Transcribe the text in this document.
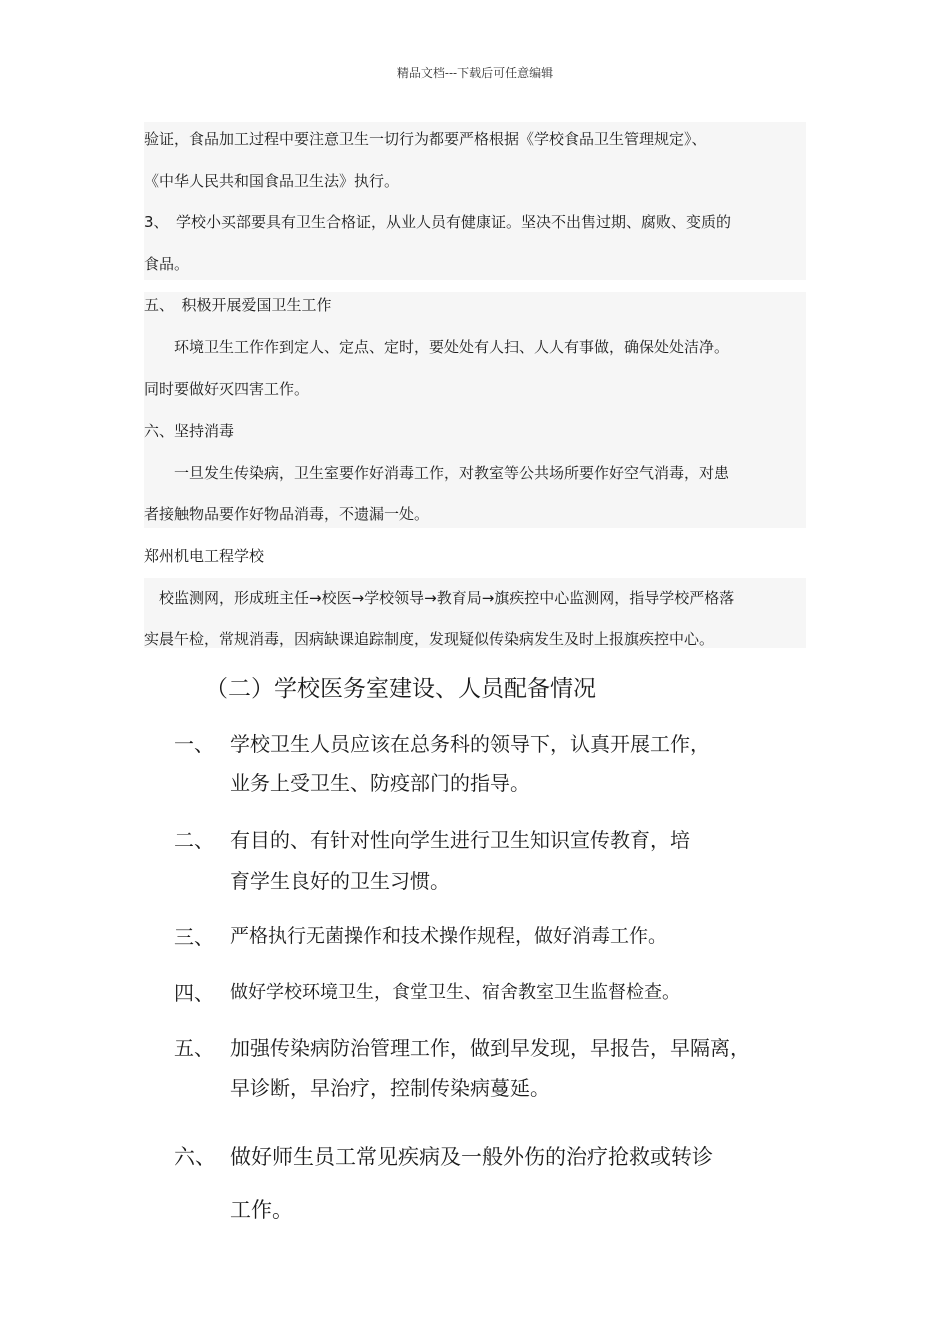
精品文档---下载后可任意编辑
验证，食品加工过程中要注意卫生一切行为都要严格根据《学校食品卫生管理规定》、
《中华人民共和国食品卫生法》执行。
3、　学校小买部要具有卫生合格证，从业人员有健康证。坚决不出售过期、腐败、变质的
食品。
五、　积极开展爱国卫生工作
　　环境卫生工作作到定人、定点、定时，要处处有人扫、人人有事做，确保处处洁净。
同时要做好灭四害工作。
六、坚持消毒
　　一旦发生传染病，卫生室要作好消毒工作，对教室等公共场所要作好空气消毒，对患
者接触物品要作好物品消毒，不遗漏一处。
郑州机电工程学校
　校监测网，形成班主任→校医→学校领导→教育局→旗疾控中心监测网，指导学校严格落
实晨午检，常规消毒，因病缺课追踪制度，发现疑似传染病发生及时上报旗疾控中心。
（二）学校医务室建设、人员配备情况
一、 学校卫生人员应该在总务科的领导下，认真开展工作，
业务上受卫生、防疫部门的指导。
二、 有目的、有针对性向学生进行卫生知识宣传教育，培
育学生良好的卫生习惯。
三、 严格执行无菌操作和技术操作规程，做好消毒工作。
四、 做好学校环境卫生，食堂卫生、宿舍教室卫生监督检查。
五、 加强传染病防治管理工作，做到早发现，早报告，早隔离，
早诊断，早治疗，控制传染病蔓延。
六、 做好师生员工常见疾病及一般外伤的治疗抢救或转诊
工作。
